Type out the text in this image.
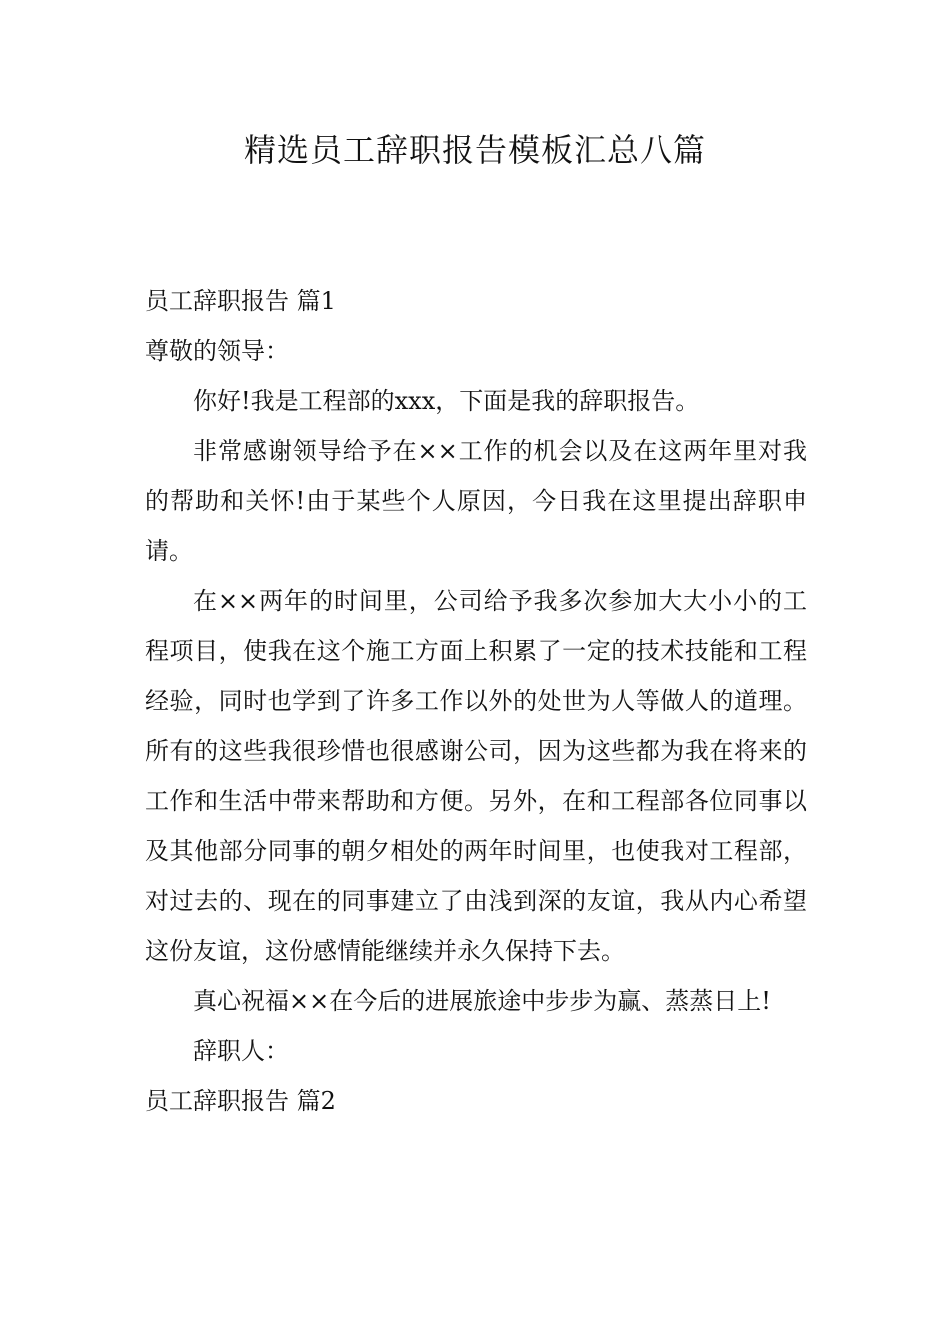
精选员工辞职报告模板汇总八篇

员工辞职报告 篇1

尊敬的领导：

你好!我是工程部的xxx，下面是我的辞职报告。

非常感谢领导给予在××工作的机会以及在这两年里对我的帮助和关怀!由于某些个人原因，今日我在这里提出辞职申请。

在××两年的时间里，公司给予我多次参加大大小小的工程项目，使我在这个施工方面上积累了一定的技术技能和工程经验，同时也学到了许多工作以外的处世为人等做人的道理。所有的这些我很珍惜也很感谢公司，因为这些都为我在将来的工作和生活中带来帮助和方便。另外，在和工程部各位同事以及其他部分同事的朝夕相处的两年时间里，也使我对工程部，对过去的、现在的同事建立了由浅到深的友谊，我从内心希望这份友谊，这份感情能继续并永久保持下去。

真心祝福××在今后的进展旅途中步步为赢、蒸蒸日上!

辞职人：

员工辞职报告 篇2
